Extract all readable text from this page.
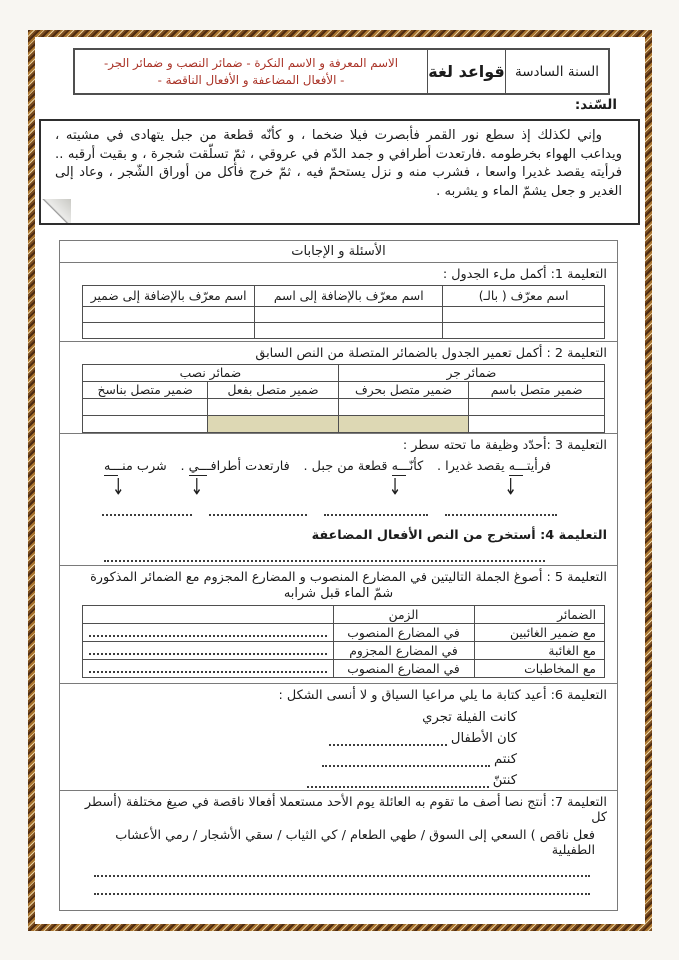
السنة السادسة
قواعد لغة
الاسم المعرفة و الاسم النكرة - ضمائر النصب و ضمائر الجر-
- الأفعال المضاعفة و الأفعال الناقصة -
السّند:

وإني لكذلك إذ سطع نور القمر فأبصرت فيلا ضخما ، و كأنّه قطعة من جبل يتهادى في مشيته ، ويداعب الهواء بخرطومه .فارتعدت أطرافي و جمد الدّم في عروقي ، ثمّ تسلّقت شجرة ، و بقيت أرقبه .. فرأيته يقصد غديرا واسعا ، فشرب منه و نزل يستحمّ فيه ، ثمّ خرج فأكل من أوراق الشّجر ، وعاد إلى الغدير و جعل يشمّ الماء و يشربه .

الأسئلة و الإجابات
التعليمة 1: أكمل ملء الجدول :
اسم معرّف ( بالـ)	اسم معرّف بالإضافة إلى اسم	اسم معرّف بالإضافة إلى ضمير

التعليمة 2 : أكمل تعمير الجدول بالضمائر المتصلة من النص السابق
ضمائر جر		ضمائر نصب	
ضمير متصل باسم	ضمير متصل بحرف	ضمير متصل بفعل	ضمير متصل بناسخ

التعليمة 3 :أحدّد وظيفة ما تحته سطر :
فرأيتـــه يقصد غديرا .
↓
كأنّـــه قطعة من جبل .
↓
فارتعدت أطرافـــي .
↓
شرب منـــه
↓
التعليمة 4: أستخرج من النص الأفعال المضاعفة
التعليمة 5 : أصوغ الجملة التاليتين في المضارع المنصوب و المضارع المجزوم مع الضمائر المذكورة
شمّ الماء قبل شرابه
الضمائر	الزمن	
مع ضمير الغائبين	في المضارع المنصوب	

مع الغائبة	في المضارع المجزوم	

مع المخاطبات	في المضارع المنصوب	
التعليمة 6: أعيد كتابة ما يلي مراعيا السياق و لا أنسى الشكل :
كانت الفيلة تجري
كان الأطفال
كنتم
كنتنّ
التعليمة 7: أنتج نصا أصف ما تقوم به العائلة يوم الأحد مستعملا أفعالا ناقصة في صيغ مختلفة (أسطر كل
فعل ناقص ) السعي إلى السوق / طهي الطعام / كي الثياب / سقي الأشجار / رمي الأعشاب الطفيلية
